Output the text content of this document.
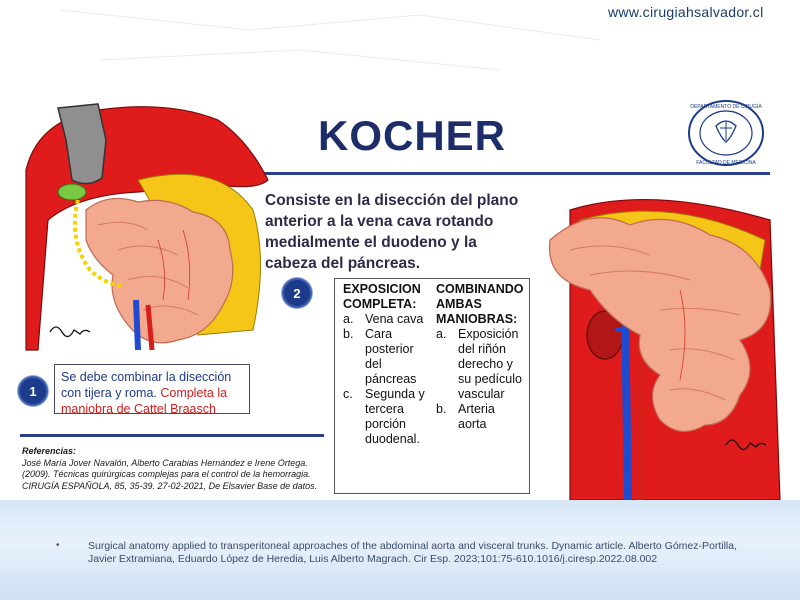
www.cirugiahsalvador.cl
DEPARTAMENTO DE CIRUGÍA
FACULTAD DE MEDICINA
KOCHER
Consiste en la disección del plano
anterior a la vena cava rotando
medialmente el duodeno y la
cabeza del páncreas.
2	EXPOSICION
COMPLETA:
a. Vena cava
b. Cara
posterior
del
páncreas
c. Segunda y
tercera
porción
duodenal.
COMBINANDO
AMBAS
MANIOBRAS:
a. Exposición
del riñón
derecho y
su pedículo
vascular
b. Arteria
aorta
1
Se debe combinar la disección con tijera y roma. Completa la maniobra de Cattel Braasch
Referencias:
José María Jover Navalón, Alberto Carabias Hernández e Irene Ortega.
(2009). Técnicas quirúrgicas complejas para el control de la hemorragia.
CIRUGÍA ESPAÑOLA, 85, 35-39. 27-02-2021, De Elsavier Base de datos.
•	Surgical anatomy applied to transperitoneal approaches of the abdominal aorta and visceral trunks. Dynamic article. Alberto Gómez-Portilla, Javier Extramiana, Eduardo López de Heredia, Luis Alberto Magrach. Cir Esp. 2023;101:75-610.1016/j.ciresp.2022.08.002
